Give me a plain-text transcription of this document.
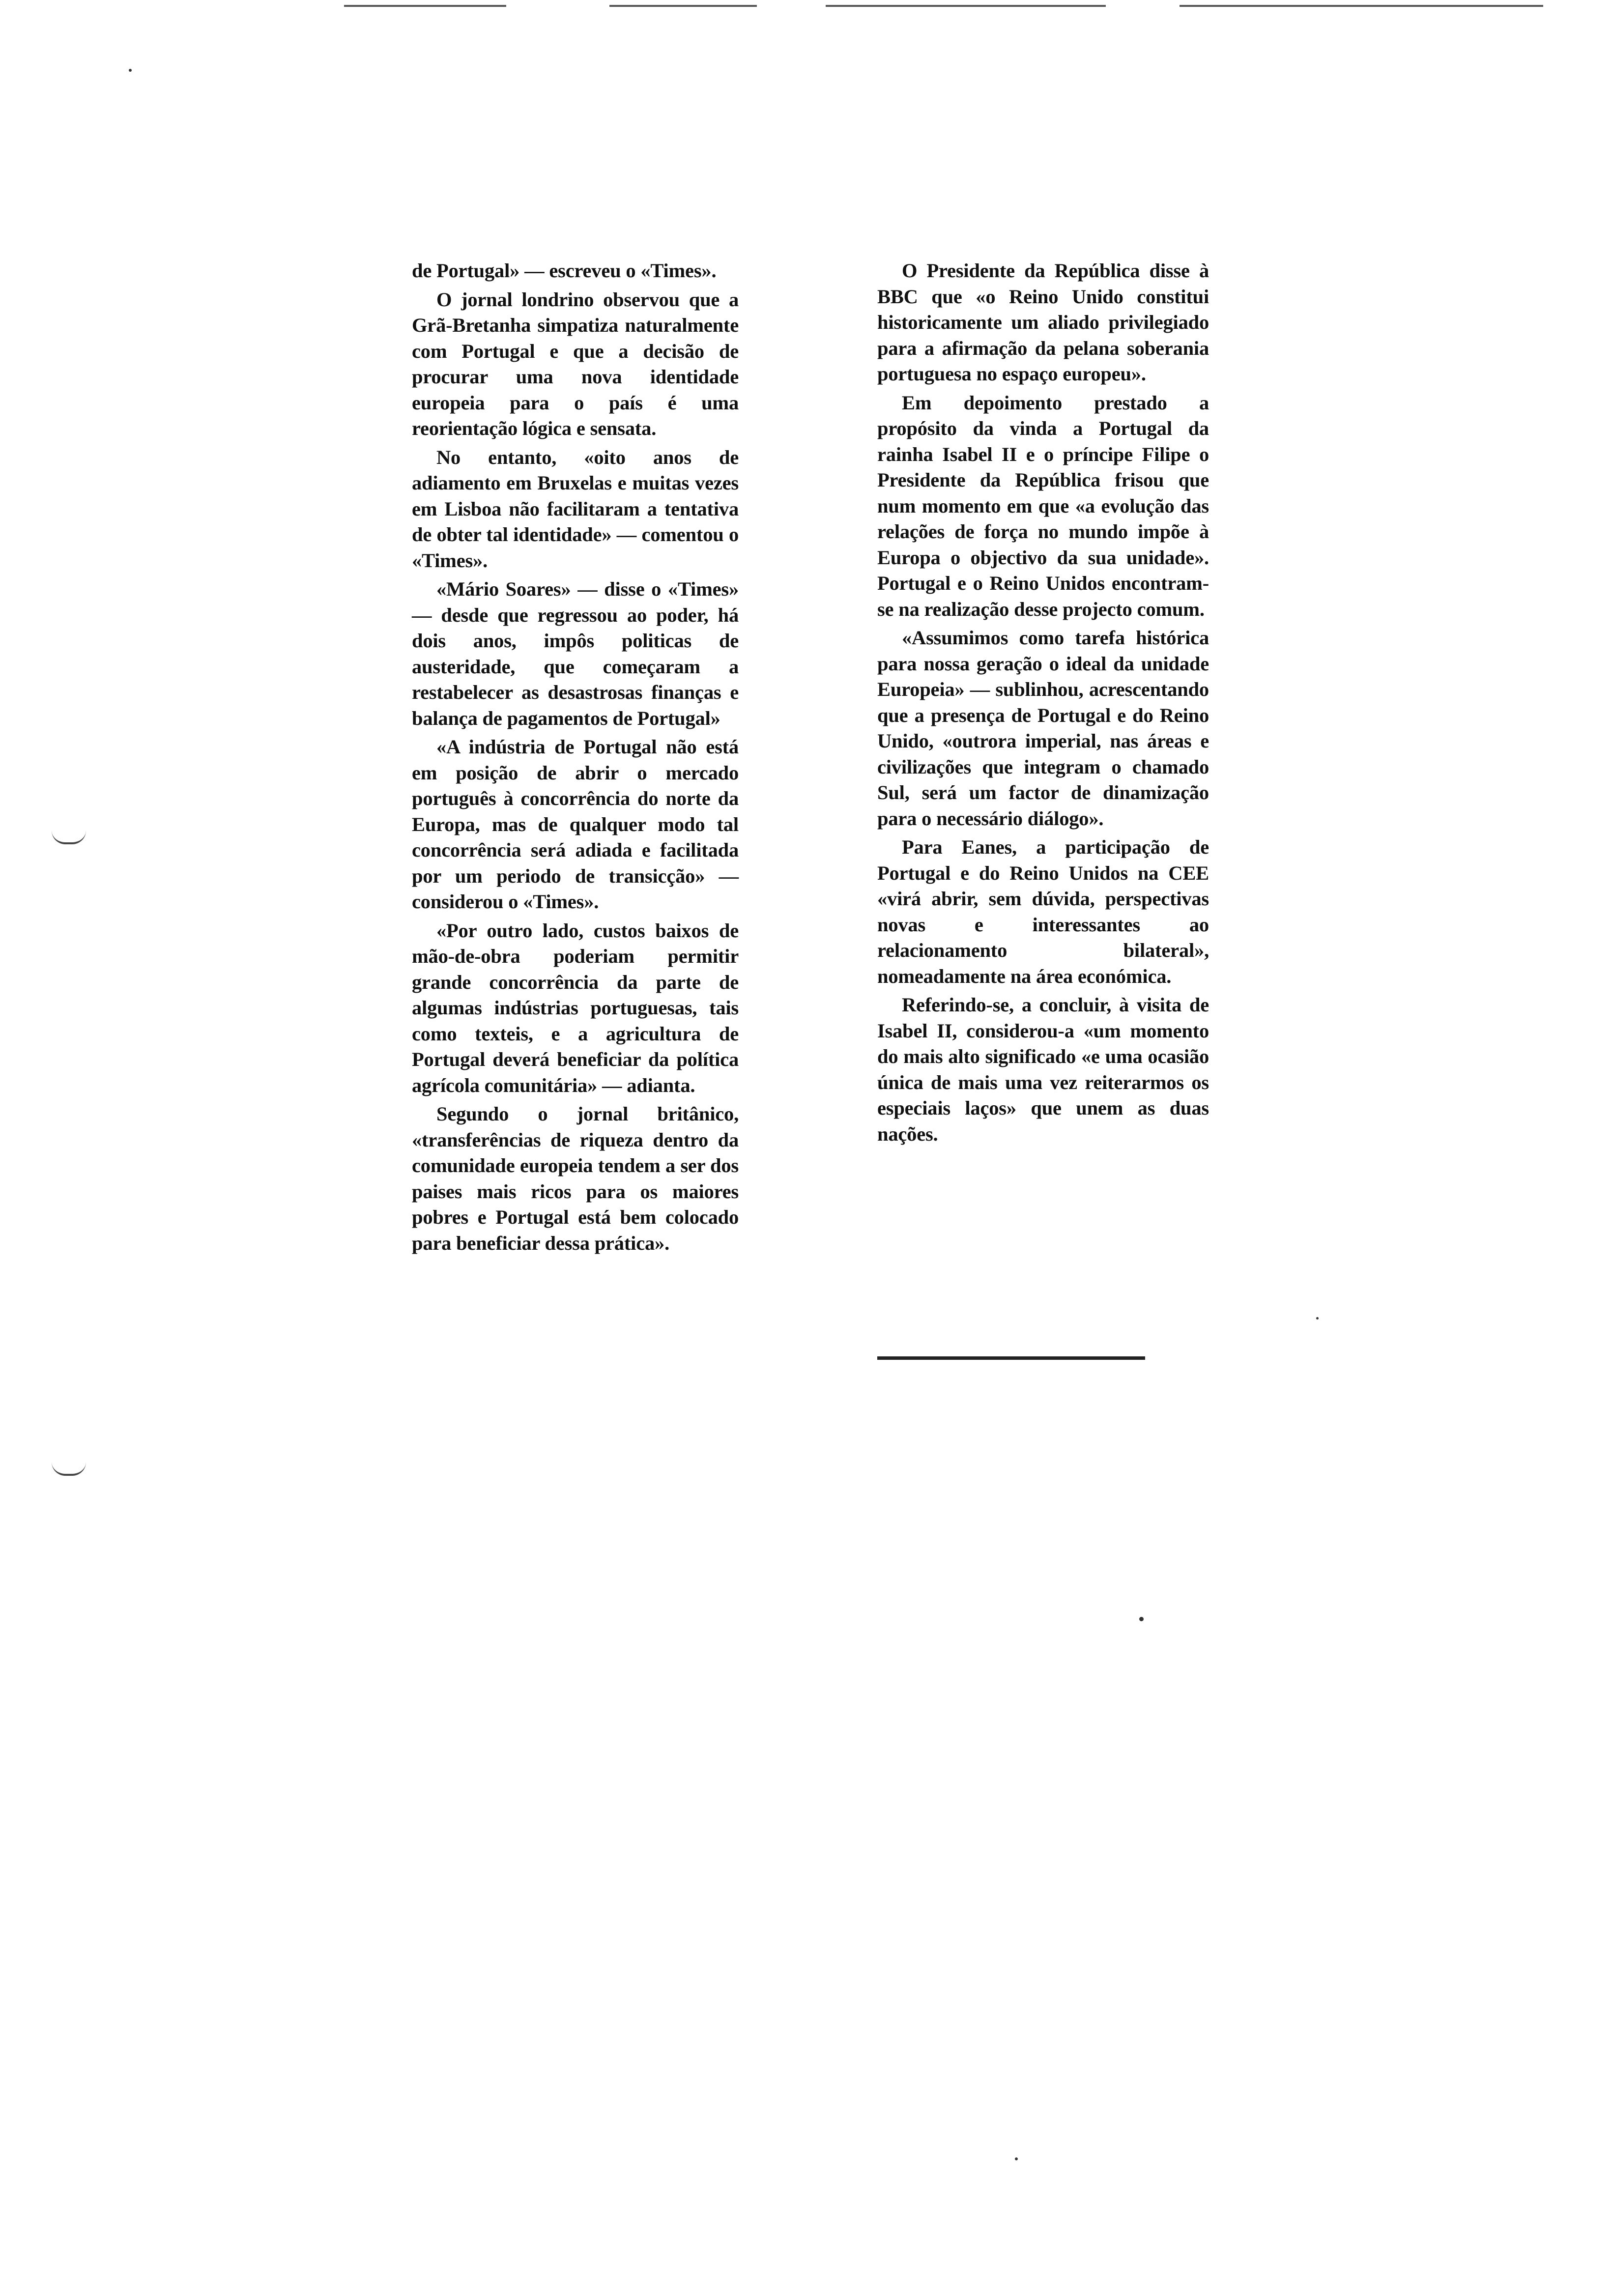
de Portugal» — escreveu o «Times».

O jornal londrino observou que a Grã-Bretanha simpatiza naturalmente com Portugal e que a decisão de procurar uma nova identidade europeia para o país é uma reorientação lógica e sensata.

No entanto, «oito anos de adiamento em Bruxelas e muitas vezes em Lisboa não facilitaram a tentativa de obter tal identidade» — comentou o «Times».

«Mário Soares» — disse o «Times» — desde que regressou ao poder, há dois anos, impôs politicas de austeridade, que começaram a restabelecer as desastrosas finanças e balança de pagamentos de Portugal»

«A indústria de Portugal não está em posição de abrir o mercado português à concorrência do norte da Europa, mas de qualquer modo tal concorrência será adiada e facilitada por um periodo de transicção» — considerou o «Times».

«Por outro lado, custos baixos de mão-de-obra poderiam permitir grande concorrência da parte de algumas indústrias portuguesas, tais como texteis, e a agricultura de Portugal deverá beneficiar da política agrícola comunitária» — adianta.

Segundo o jornal britânico, «transferências de riqueza dentro da comunidade europeia tendem a ser dos paises mais ricos para os maiores pobres e Portugal está bem colocado para beneficiar dessa prática».

O Presidente da República disse à BBC que «o Reino Unido constitui historicamente um aliado privilegiado para a afirmação da pelana soberania portuguesa no espaço europeu».

Em depoimento prestado a propósito da vinda a Portugal da rainha Isabel II e o príncipe Filipe o Presidente da República frisou que num momento em que «a evolução das relações de força no mundo impõe à Europa o objectivo da sua unidade». Portugal e o Reino Unidos encontram-se na realização desse projecto comum.

«Assumimos como tarefa histórica para nossa geração o ideal da unidade Europeia» — sublinhou, acrescentando que a presença de Portugal e do Reino Unido, «outrora imperial, nas áreas e civilizações que integram o chamado Sul, será um factor de dinamização para o necessário diálogo».

Para Eanes, a participação de Portugal e do Reino Unidos na CEE «virá abrir, sem dúvida, perspectivas novas e interessantes ao relacionamento bilateral», nomeadamente na área económica.

Referindo-se, a concluir, à visita de Isabel II, considerou-a «um momento do mais alto significado «e uma ocasião única de mais uma vez reiterarmos os especiais laços» que unem as duas nações.
